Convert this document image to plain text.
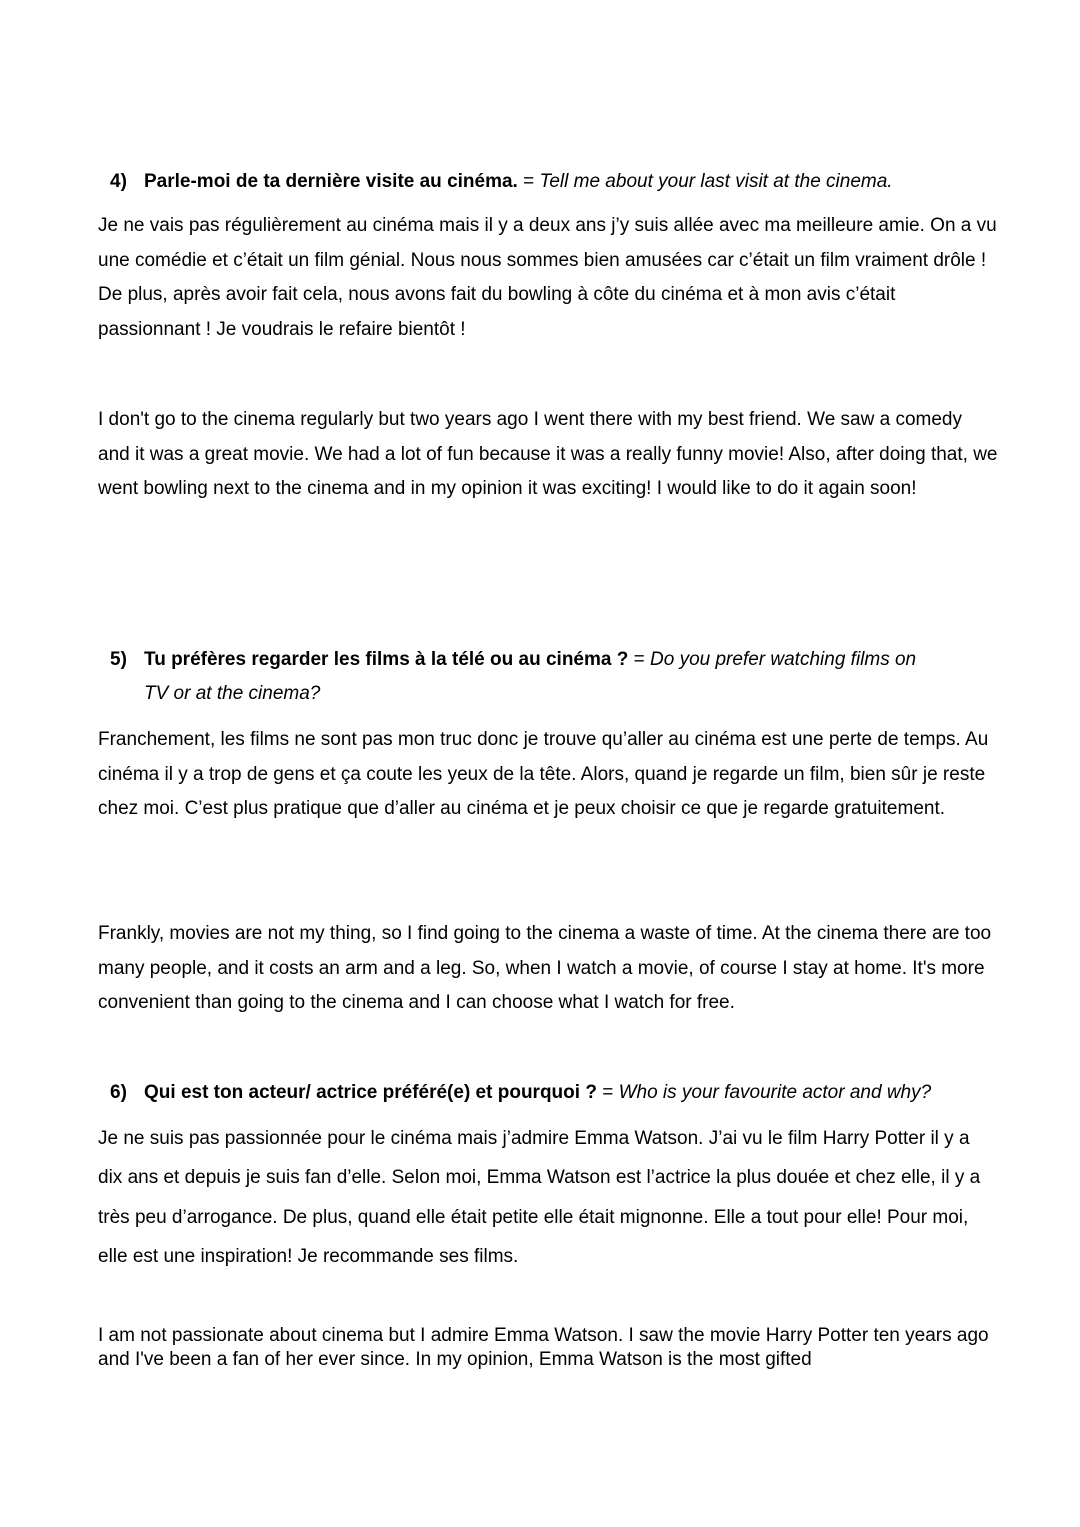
4) Parle-moi de ta dernière visite au cinéma. = Tell me about your last visit at the cinema.
Je ne vais pas régulièrement au cinéma mais il y a deux ans j’y suis allée avec ma meilleure amie. On a vu une comédie et c’était un film génial. Nous nous sommes bien amusées car c’était un film vraiment drôle ! De plus, après avoir fait cela, nous avons fait du bowling à côte du cinéma et à mon avis c’était passionnant ! Je voudrais le refaire bientôt !
I don't go to the cinema regularly but two years ago I went there with my best friend. We saw a comedy and it was a great movie. We had a lot of fun because it was a really funny movie! Also, after doing that, we went bowling next to the cinema and in my opinion it was exciting! I would like to do it again soon!
5) Tu préfères regarder les films à la télé ou au cinéma ? = Do you prefer watching films on
TV or at the cinema?
Franchement, les films ne sont pas mon truc donc je trouve qu’aller au cinéma est une perte de temps. Au cinéma il y a trop de gens et ça coute les yeux de la tête. Alors, quand je regarde un film, bien sûr je reste chez moi. C’est plus pratique que d’aller au cinéma et je peux choisir ce que je regarde gratuitement.
Frankly, movies are not my thing, so I find going to the cinema a waste of time. At the cinema there are too many people, and it costs an arm and a leg. So, when I watch a movie, of course I stay at home. It's more convenient than going to the cinema and I can choose what I watch for free.
6) Qui est ton acteur/ actrice préféré(e) et pourquoi ? = Who is your favourite actor and why?
Je ne suis pas passionnée pour le cinéma mais j’admire Emma Watson. J’ai vu le film Harry Potter il y a dix ans et depuis je suis fan d’elle. Selon moi, Emma Watson est l’actrice la plus douée et chez elle, il y a très peu d’arrogance. De plus, quand elle était petite elle était mignonne. Elle a tout pour elle! Pour moi, elle est une inspiration! Je recommande ses films.
I am not passionate about cinema but I admire Emma Watson. I saw the movie Harry Potter ten years ago and I've been a fan of her ever since. In my opinion, Emma Watson is the most gifted
